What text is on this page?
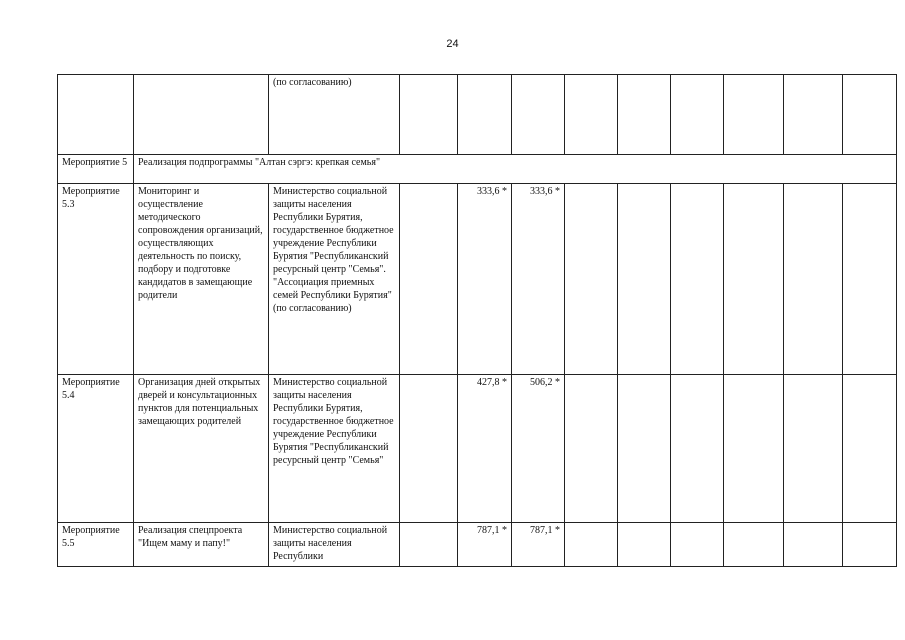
24
		(по согласованию)									
Мероприятие 5	Реализация подпрограммы "Алтан сэргэ: крепкая семья"										
Мероприятие 5.3	Мониторинг и осуществление методического сопровождения организаций, осуществляющих деятельность по поиску, подбору и подготовке кандидатов в замещающие родители	Министерство социальной защиты населения Республики Бурятия, государственное бюджетное учреждение Республики Бурятия "Республиканский ресурсный центр "Семья". "Ассоциация приемных семей Республики Бурятия" (по согласованию)		333,6 *	333,6 *						
Мероприятие 5.4	Организация дней открытых дверей и консультационных пунктов для потенциальных замещающих родителей	Министерство социальной защиты населения Республики Бурятия, государственное бюджетное учреждение Республики Бурятия "Республиканский ресурсный центр "Семья"		427,8 *	506,2 *						
Мероприятие 5.5	Реализация спецпроекта "Ищем маму и папу!"	Министерство социальной защиты населения Республики		787,1 *	787,1 *						
